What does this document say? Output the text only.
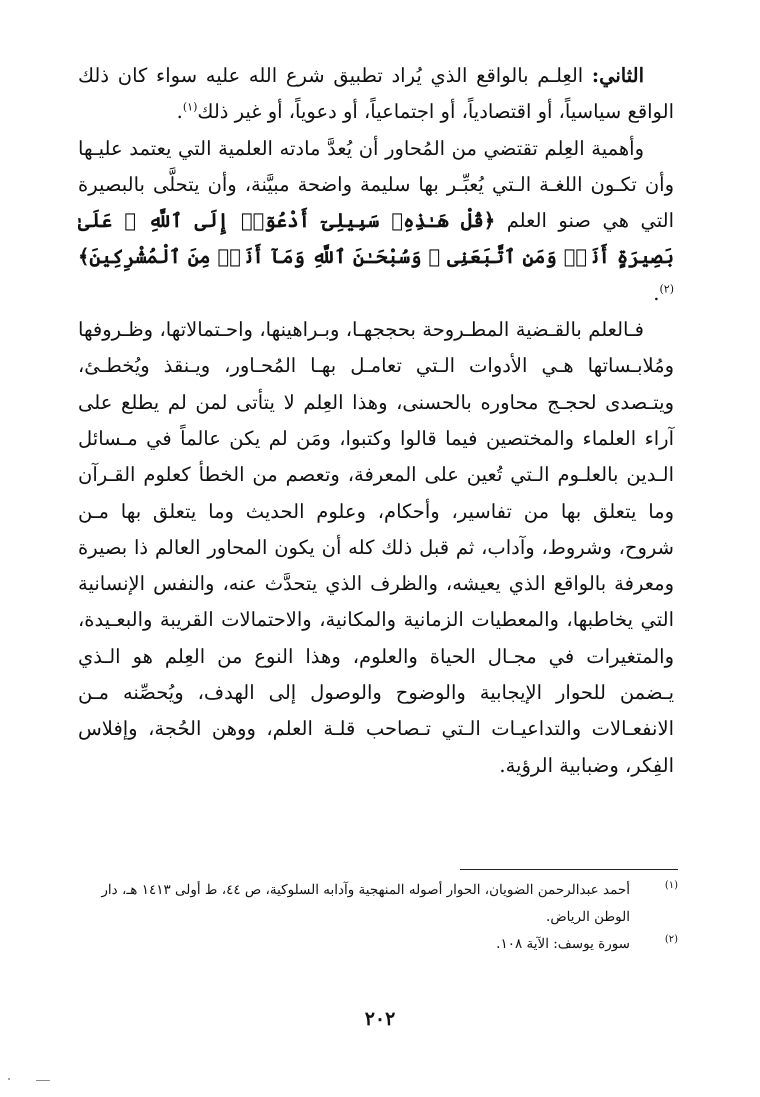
الثاني: العِلـم بالواقع الذي يُراد تطبيق شرع الله عليه سواء كان ذلك الواقع سياسياً، أو اقتصادياً، أو اجتماعياً، أو دعوياً، أو غير ذلك$^{(١)}$.

وأهمية العِلم تقتضي من المُحاور أن يُعدَّ مادته العلمية التي يعتمد عليـها وأن تكـون اللغـة الـتي يُعبِّـر بها سليمة واضحة مبيَّنة، وأن يتحلَّى بالبصيرة التي هي صنو العلم ﴿قُلْ هَـٰذِهِۦ سَبِيلِىٓ أَدْعُوٓا۟ إِلَى ٱللَّهِ ۚ عَلَىٰ بَصِيرَةٍ أَنَا۠ وَمَنِ ٱتَّبَعَنِى ۖ وَسُبْحَـٰنَ ٱللَّهِ وَمَآ أَنَا۠ مِنَ ٱلْمُشْرِكِينَ﴾$^{(٢)}$.

فـالعلم بالقـضية المطـروحة بحججهـا، وبـراهينها، واحـتمالاتها، وظـروفها ومُلابـساتها هـي الأدوات الـتي تعامـل بهـا المُحـاور، ويـنقذ ويُخطـئ، ويتـصدى لحجـج محاوره بالحسنى، وهذا العِلم لا يتأتى لمن لم يطلع على آراء العلماء والمختصين فيما قالوا وكتبوا، ومَن لم يكن عالماً في مـسائل الـدين بالعلـوم الـتي تُعين على المعرفة، وتعصم من الخطأ كعلوم القـرآن وما يتعلق بها من تفاسير، وأحكام، وعلوم الحديث وما يتعلق بها مـن شروح، وشروط، وآداب، ثم قبل ذلك كله أن يكون المحاور العالم ذا بصيرة ومعرفة بالواقع الذي يعيشه، والظرف الذي يتحدَّث عنه، والنفس الإنسانية التي يخاطبها، والمعطيات الزمانية والمكانية، والاحتمالات القريبة والبعـيدة، والمتغيرات في مجـال الحياة والعلوم، وهذا النوع من العِلم هو الـذي يـضمن للحوار الإيجابية والوضوح والوصول إلى الهدف، ويُحصِّنه مـن الانفعـالات والتداعيـات الـتي تـصاحب قلـة العلم، ووهن الحُجة، وإفلاس الفِكر، وضبابية الرؤية.

(١)
أحمد عبدالرحمن الضويان، الحوار أصوله المنهجية وآدابه السلوكية، ص ٤٤، ط أولى ١٤١٣ هـ، دار الوطن الرياض.
(٢)
سورة يوسف: الآية ١٠٨.
٢٠٢
